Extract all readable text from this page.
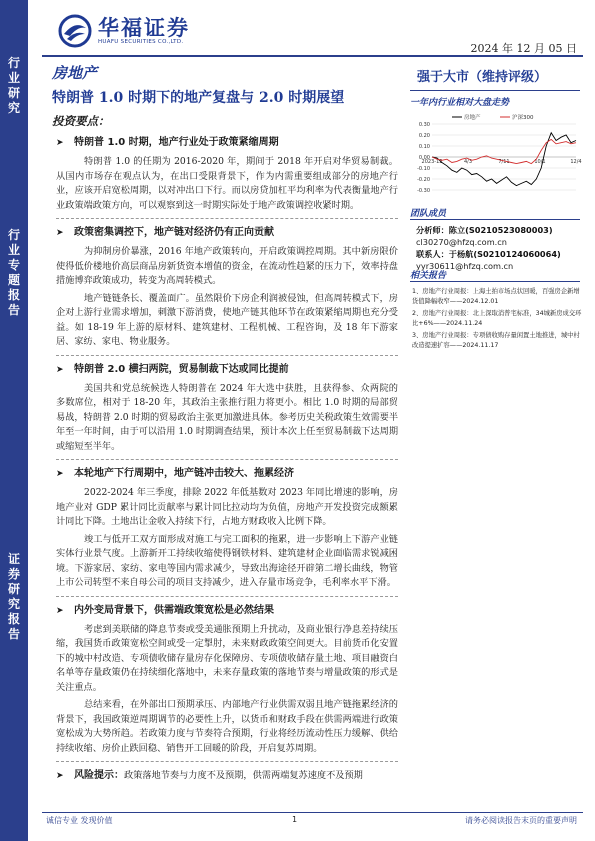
行业研究
行业专题报告
证券研究报告
华福证券
HUAFU SECURITIES CO.,LTD.	2024 年 12 月 05 日
房地产
特朗普 1.0 时期下的地产复盘与 2.0 时期展望
投资要点：
➤ 特朗普 1.0 时期，地产行业处于政策紧缩周期

特朗普 1.0 的任期为 2016-2020 年，期间于 2018 年开启对华贸易制裁。从国内市场存在观点认为，在出口受限背景下，作为内需重要组成部分的房地产行业，应该开启宽松周期，以对冲出口下行。而以房贷加杠平均利率为代表衡量地产行业政策端政策方向，可以观察到这一时期实际处于地产政策调控收紧时期。

➤ 政策密集调控下，地产链对经济仍有正向贡献

为抑制房价暴涨，2016 年地产政策转向，开启政策调控周期。其中新房限价使得低价楼地价高层商品房新货资本增值的资金，在流动性趋紧的压力下，效率持盘措施博弈政策成功，转变为高周转模式。

地产链链条长、覆盖面广。虽然限价下房企利润被侵蚀，但高周转模式下，房企对上游行业需求增加，刺激下游消费，使地产链其他环节在政策紧缩周期也充分受益。如 18-19 年上游的原材料、建筑建材、工程机械、工程咨询，及 18 年下游家居、家纺、家电、物业服务。

➤ 特朗普 2.0 横扫两院，贸易制裁下达或同比提前

美国共和党总统候选人特朗普在 2024 年大选中获胜，且获得参、众两院的多数席位，相对于 18-20 年，其政治主张推行阻力将更小。相比 1.0 时期的局部贸易战，特朗普 2.0 时期的贸易政治主张更加激进具体。参考历史关税政策生效需要半年至一年时间，由于可以沿用 1.0 时期调查结果，预计本次上任至贸易制裁下达周期或缩短至半年。

➤ 本轮地产下行周期中，地产链冲击较大、拖累经济

2022-2024 年三季度，排除 2022 年低基数对 2023 年同比增速的影响，房地产业对 GDP 累计同比贡献率与累计同比拉动均为负值，房地产开发投资完成额累计同比下降。土地出让金收入持续下行，占地方财政收入比例下降。

竣工与低开工双方面形成对施工与完工面积的拖累，进一步影响上下游产业链实体行业景气度。上游新开工持续收缩使得钢铁材料、建筑建材企业面临需求锐减困境。下游家居、家纺、家电等国内需求减少，导致出海途径开辟第二增长曲线，物管上市公司转型不来自母公司的项目支持减少，进入存量市场竞争，毛利率水平下滑。

➤ 内外变局背景下，供需端政策宽松是必然结果

考虑到美联储的降息节奏或受美通胀预期上升扰动，及商业银行净息差持续压缩，我国货币政策宽松空间或受一定掣肘，未来财政政策空间更大。目前货币化安置下的城中村改造、专项债收储存量房存化保障房、专项债收储存量土地、项目融资白名单等存量政策仍在持续细化落地中，未来存量政策的落地节奏与增量政策的形式是关注重点。

总结来看，在外部出口预期承压、内部地产行业供需双弱且地产链拖累经济的背景下，我国政策逆周期调节的必要性上升，以货币和财政手段在供需两端进行政策宽松成为大势所趋。若政策力度与节奏符合预期，行业将经历流动性压力缓解、供给持续收缩、房价止跌回稳、销售开工回暖的阶段，开启复苏周期。

➤ 风险提示：政策落地节奏与力度不及预期，供需两端复苏速度不及预期
强于大市（维持评级）
一年内行业相对大盘走势
0.30
0.20
0.10
0.00
-0.10
-0.20
-0.30
2023-12	4/3	7/11	10/1	12/4
房地产	沪深300
团队成员
分析师：陈立(S0210523080003)
cl30270@hfzq.com.cn
联系人：于杨航(S0210124060064)
yyr30611@hfzq.com.cn
相关报告
1、房地产行业周报：上海土拍市场点状回暖，百强房企新增货值降幅收窄——2024.12.01
2、房地产行业周报：北上深取消普宅标准，34城新房成交环比+6%——2024.11.24
3、房地产行业周报：专项债收购存量闲置土地推进，城中村改造提速扩容——2024.11.17
诚信专业 发现价值	1	请务必阅读报告末页的重要声明
